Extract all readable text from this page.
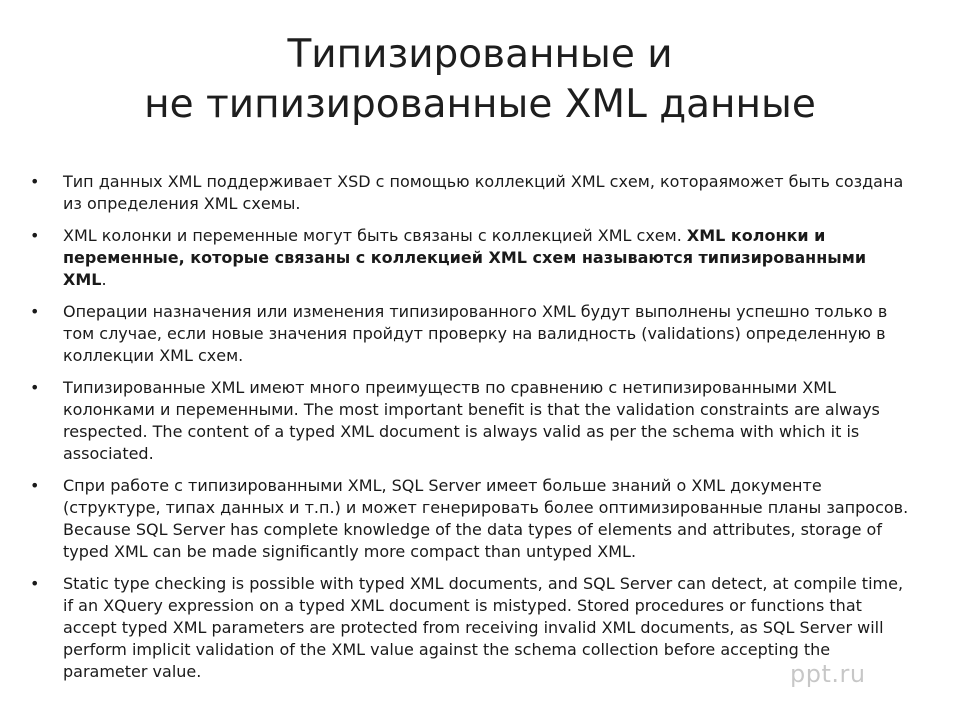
Типизированные и
не типизированные XML данные
• Тип данных XML поддерживает XSD с помощью коллекций XML схем, котораяможет быть создана из определения XML схемы.
• XML колонки и переменные могут быть связаны с коллекцией XML схем. XML колонки и переменные, которые связаны с коллекцией XML схем называются типизированными XML.
• Операции назначения или изменения типизированного XML будут выполнены успешно только в том случае, если новые значения пройдут проверку на валидность (validations) определенную в коллекции XML схем.
• Типизированные XML имеют много преимуществ по сравнению с нетипизированными XML колонками и переменными. The most important benefit is that the validation constraints are always respected. The content of a typed XML document is always valid as per the schema with which it is associated.
• Спри работе с типизированными XML, SQL Server имеет больше знаний о XML документе (структуре, типах данных и т.п.) и может генерировать более оптимизированные планы запросов. Because SQL Server has complete knowledge of the data types of elements and attributes, storage of typed XML can be made significantly more compact than untyped XML.
• Static type checking is possible with typed XML documents, and SQL Server can detect, at compile time, if an XQuery expression on a typed XML document is mistyped. Stored procedures or functions that accept typed XML parameters are protected from receiving invalid XML documents, as SQL Server will perform implicit validation of the XML value against the schema collection before accepting the parameter value.	ppt.ru
